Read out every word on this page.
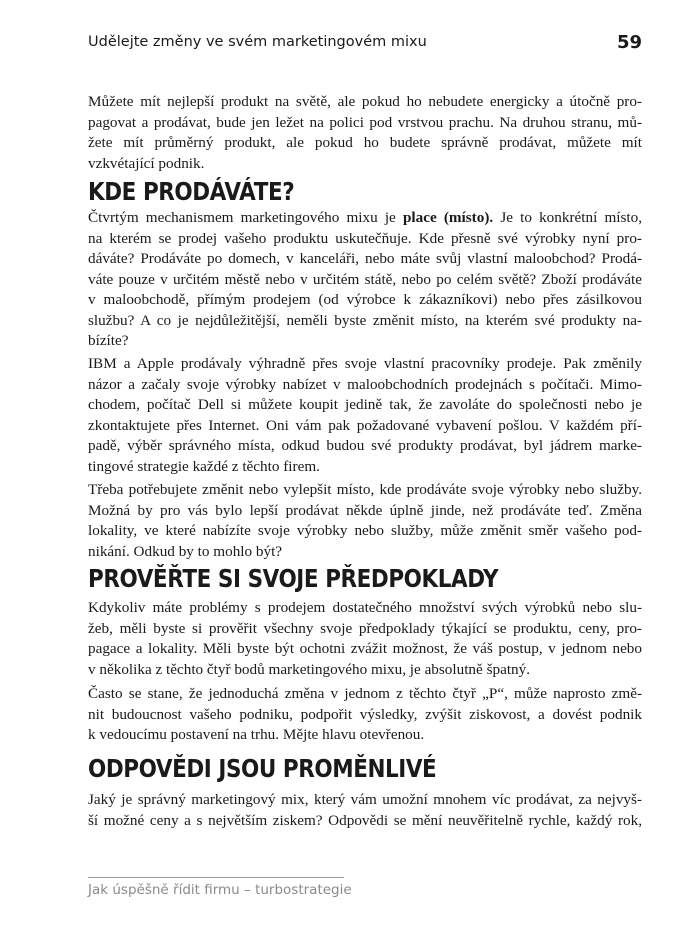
Udělejte změny ve svém marketingovém mixu	59
Můžete mít nejlepší produkt na světě, ale pokud ho nebudete energicky a útočně pro-
pagovat a prodávat, bude jen ležet na polici pod vrstvou prachu. Na druhou stranu, mů-
žete mít průměrný produkt, ale pokud ho budete správně prodávat, můžete mít
vzkvétající podnik.
KDE PRODÁVÁTE?
Čtvrtým mechanismem marketingového mixu je place (místo). Je to konkrétní místo,
na kterém se prodej vašeho produktu uskutečňuje. Kde přesně své výrobky nyní pro-
dáváte? Prodáváte po domech, v kanceláři, nebo máte svůj vlastní maloobchod? Prodá-
váte pouze v určitém městě nebo v určitém státě, nebo po celém světě? Zboží prodáváte
v maloobchodě, přímým prodejem (od výrobce k zákazníkovi) nebo přes zásilkovou
službu? A co je nejdůležitější, neměli byste změnit místo, na kterém své produkty na-
bízíte?
IBM a Apple prodávaly výhradně přes svoje vlastní pracovníky prodeje. Pak změnily
názor a začaly svoje výrobky nabízet v maloobchodních prodejnách s počítači. Mimo-
chodem, počítač Dell si můžete koupit jedině tak, že zavoláte do společnosti nebo je
zkontaktujete přes Internet. Oni vám pak požadované vybavení pošlou. V každém pří-
padě, výběr správného místa, odkud budou své produkty prodávat, byl jádrem marke-
tingové strategie každé z těchto firem.
Třeba potřebujete změnit nebo vylepšit místo, kde prodáváte svoje výrobky nebo služby.
Možná by pro vás bylo lepší prodávat někde úplně jinde, než prodáváte teď. Změna
lokality, ve které nabízíte svoje výrobky nebo služby, může změnit směr vašeho pod-
nikání. Odkud by to mohlo být?
PROVĚŘTE SI SVOJE PŘEDPOKLADY
Kdykoliv máte problémy s prodejem dostatečného množství svých výrobků nebo slu-
žeb, měli byste si prověřit všechny svoje předpoklady týkající se produktu, ceny, pro-
pagace a lokality. Měli byste být ochotni zvážit možnost, že váš postup, v jednom nebo
v několika z těchto čtyř bodů marketingového mixu, je absolutně špatný.
Často se stane, že jednoduchá změna v jednom z těchto čtyř „P“, může naprosto změ-
nit budoucnost vašeho podniku, podpořit výsledky, zvýšit ziskovost, a dovést podnik
k vedoucímu postavení na trhu. Mějte hlavu otevřenou.
ODPOVĚDI JSOU PROMĚNLIVÉ
Jaký je správný marketingový mix, který vám umožní mnohem víc prodávat, za nejvyš-
ší možné ceny a s největším ziskem? Odpovědi se mění neuvěřitelně rychle, každý rok,
Jak úspěšně řídit firmu – turbostrategie
